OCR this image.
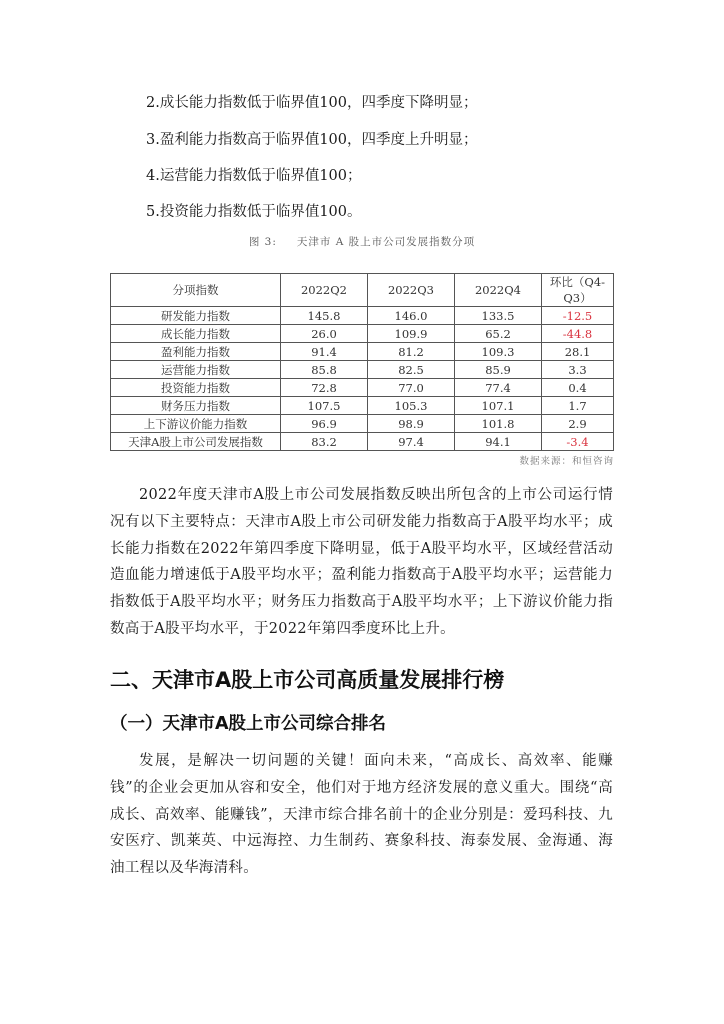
2.成长能力指数低于临界值100，四季度下降明显；
3.盈利能力指数高于临界值100，四季度上升明显；
4.运营能力指数低于临界值100；
5.投资能力指数低于临界值100。
图 3: 天津市 A 股上市公司发展指数分项
分项指数	2022Q2	2022Q3	2022Q4	环比（Q4-Q3）
研发能力指数	145.8	146.0	133.5	-12.5
成长能力指数	26.0	109.9	65.2	-44.8
盈利能力指数	91.4	81.2	109.3	28.1
运营能力指数	85.8	82.5	85.9	3.3
投资能力指数	72.8	77.0	77.4	0.4
财务压力指数	107.5	105.3	107.1	1.7
上下游议价能力指数	96.9	98.9	101.8	2.9
天津A股上市公司发展指数	83.2	97.4	94.1	-3.4
数据来源：和恒咨询
2022年度天津市A股上市公司发展指数反映出所包含的上市公司运行情况有以下主要特点：天津市A股上市公司研发能力指数高于A股平均水平；成长能力指数在2022年第四季度下降明显，低于A股平均水平，区域经营活动造血能力增速低于A股平均水平；盈利能力指数高于A股平均水平；运营能力指数低于A股平均水平；财务压力指数高于A股平均水平；上下游议价能力指数高于A股平均水平，于2022年第四季度环比上升。
二、天津市A股上市公司高质量发展排行榜
（一）天津市A股上市公司综合排名
发展，是解决一切问题的关键！面向未来，“高成长、高效率、能赚钱”的企业会更加从容和安全，他们对于地方经济发展的意义重大。围绕“高成长、高效率、能赚钱”，天津市综合排名前十的企业分别是：爱玛科技、九安医疗、凯莱英、中远海控、力生制药、赛象科技、海泰发展、金海通、海油工程以及华海清科。
